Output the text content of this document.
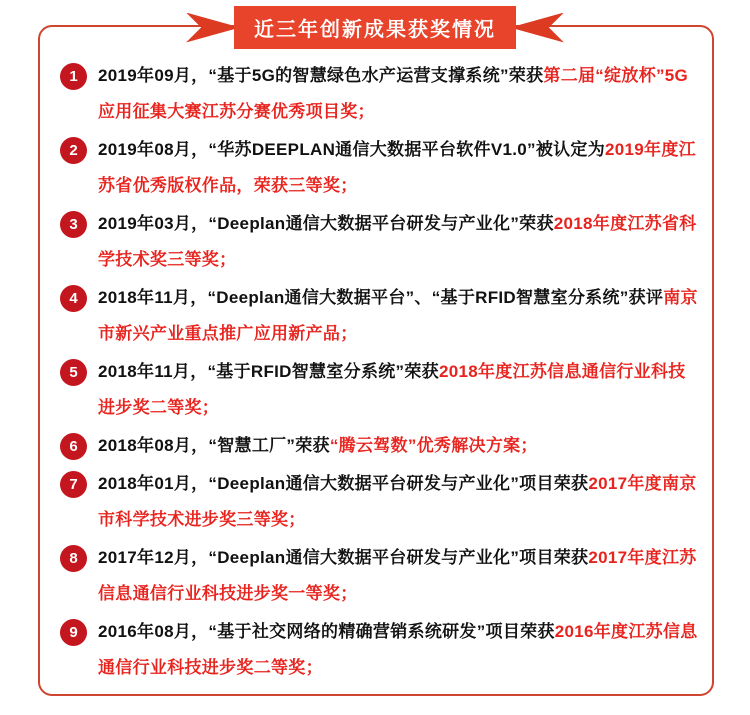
近三年创新成果获奖情况
1	2019年09月，“基于5G的智慧绿色水产运营支撑系统”荣获第二届“绽放杯”5G应用征集大赛江苏分赛优秀项目奖；

2	2019年08月，“华苏DEEPLAN通信大数据平台软件V1.0”被认定为2019年度江苏省优秀版权作品，荣获三等奖；

3	2019年03月，“Deeplan通信大数据平台研发与产业化”荣获2018年度江苏省科学技术奖三等奖；

4	2018年11月，“Deeplan通信大数据平台”、“基于RFID智慧室分系统”获评南京市新兴产业重点推广应用新产品；

5	2018年11月，“基于RFID智慧室分系统”荣获2018年度江苏信息通信行业科技进步奖二等奖；

6	2018年08月，“智慧工厂”荣获“腾云驾数”优秀解决方案；

7	2018年01月，“Deeplan通信大数据平台研发与产业化”项目荣获2017年度南京市科学技术进步奖三等奖；

8	2017年12月，“Deeplan通信大数据平台研发与产业化”项目荣获2017年度江苏信息通信行业科技进步奖一等奖；

9	2016年08月，“基于社交网络的精确营销系统研发”项目荣获2016年度江苏信息通信行业科技进步奖二等奖；
